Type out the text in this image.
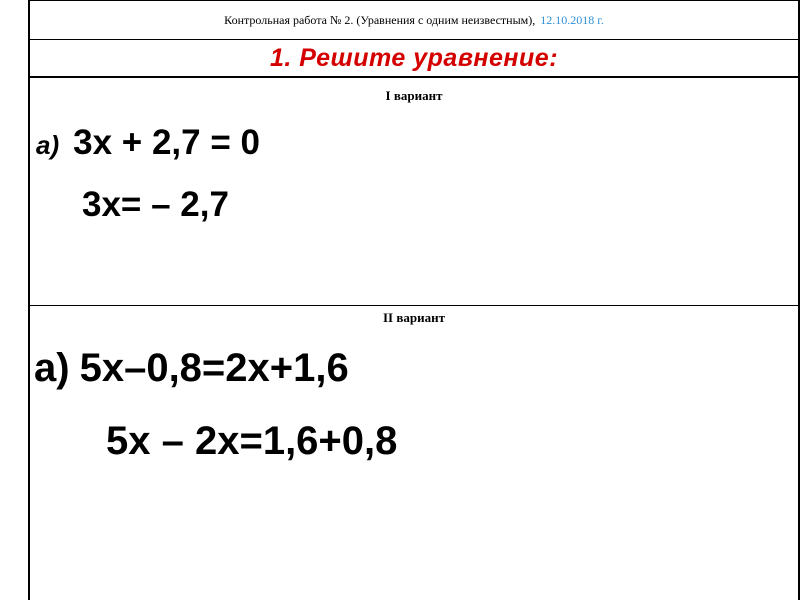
Контрольная работа № 2. (Уравнения с одним неизвестным), 12.10.2018 г.
1. Решите уравнение:
I вариант
а) 3x + 2,7 = 0
3x= – 2,7
II вариант
а) 5x–0,8=2x+1,6
5x – 2x=1,6+0,8
